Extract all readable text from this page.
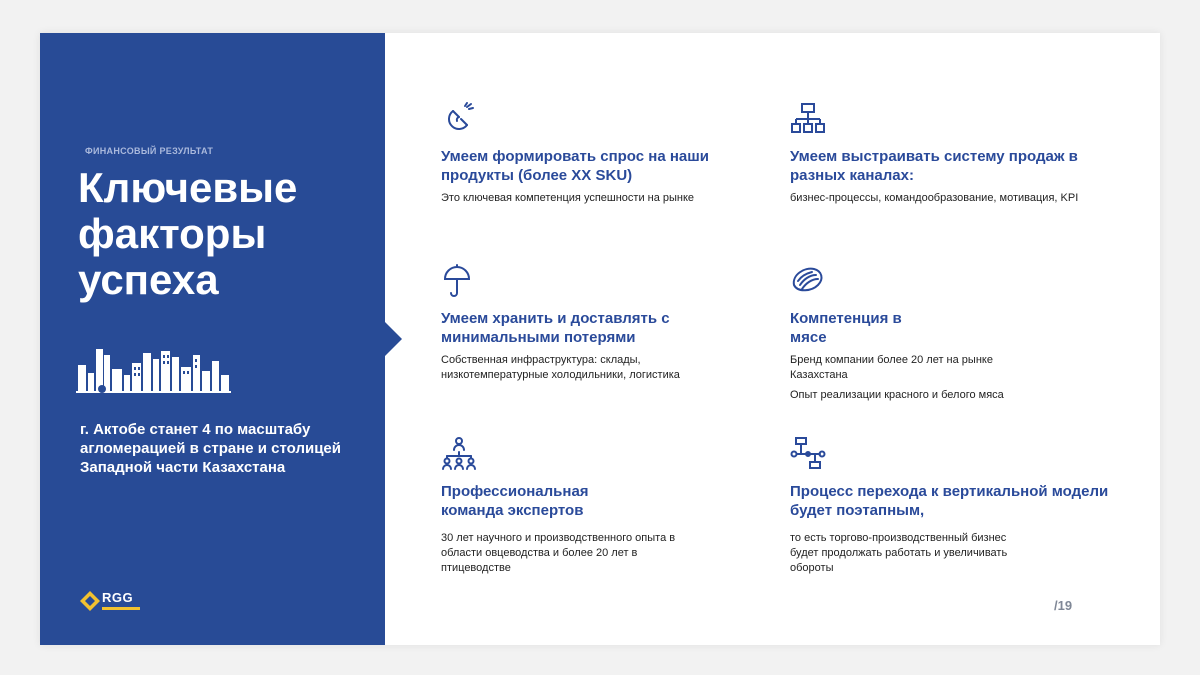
ФИНАНСОВЫЙ РЕЗУЛЬТАТ
Ключевые факторы успеха
г. Актобе станет 4 по масштабу агломерацией в стране и столицей Западной части Казахстана
RGG
Умеем формировать спрос на наши продукты (более XX SKU)

Это ключевая компетенция успешности на рынке

Умеем выстраивать систему продаж в разных каналах:

бизнес-процессы, командообразование, мотивация, KPI

Умеем хранить и доставлять с минимальными потерями

Собственная инфраструктура: склады, низкотемпературные холодильники, логистика

Компетенция в мясе

Бренд компании более 20 лет на рынке Казахстана

Опыт реализации красного и белого мяса

Профессиональная команда экспертов

30 лет научного и производственного опыта в области овцеводства и более 20 лет в птицеводстве

Процесс перехода к вертикальной модели будет поэтапным,

то есть торгово-производственный бизнес будет продолжать работать и увеличивать обороты

/19
